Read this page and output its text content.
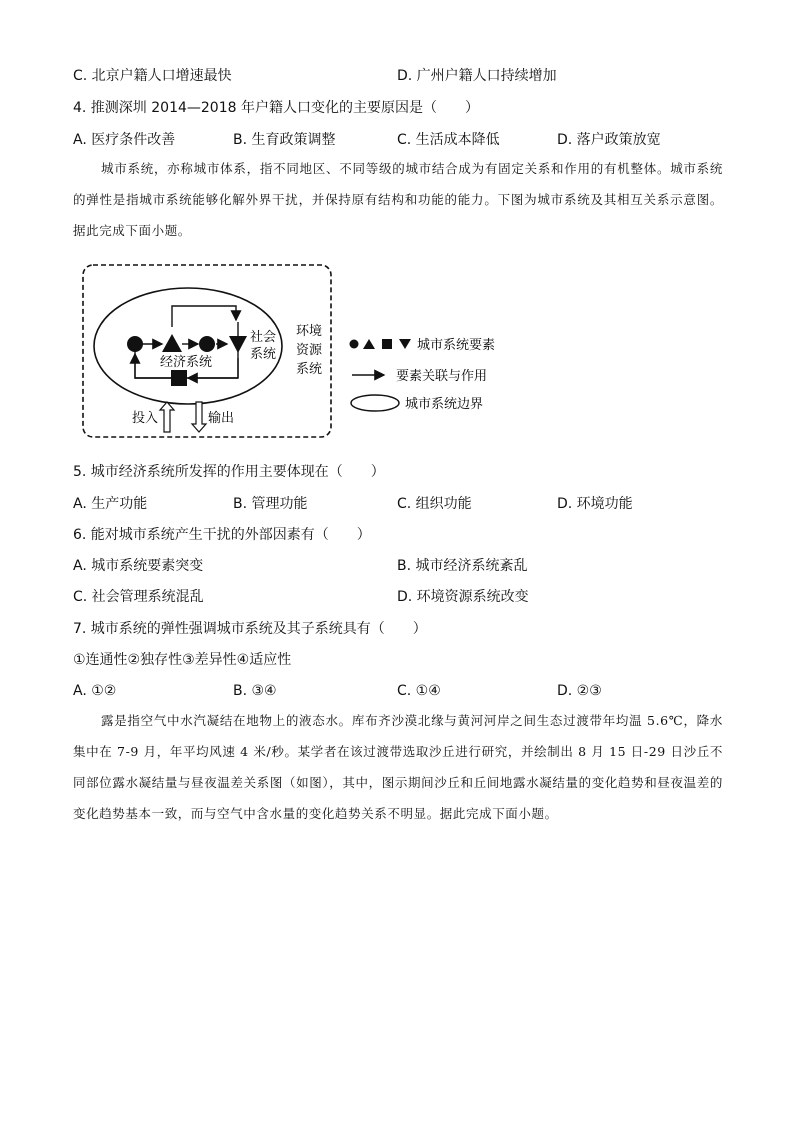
C. 北京户籍人口增速最快	D. 广州户籍人口持续增加
4. 推测深圳 2014—2018 年户籍人口变化的主要原因是（　　）
A. 医疗条件改善	B. 生育政策调整	C. 生活成本降低	D. 落户政策放宽
城市系统，亦称城市体系，指不同地区、不同等级的城市结合成为有固定关系和作用的有机整体。城市系统的弹性是指城市系统能够化解外界干扰，并保持原有结构和功能的能力。下图为城市系统及其相互关系示意图。据此完成下面小题。
经济系统
社会
系统
环境
资源
系统
投入	输出
城市系统要素
要素关联与作用
城市系统边界
5. 城市经济系统所发挥的作用主要体现在（　　）
A. 生产功能	B. 管理功能	C. 组织功能	D. 环境功能
6. 能对城市系统产生干扰的外部因素有（　　）
A. 城市系统要素突变	B. 城市经济系统紊乱
C. 社会管理系统混乱	D. 环境资源系统改变
7. 城市系统的弹性强调城市系统及其子系统具有（　　）
①连通性②独存性③差异性④适应性
A. ①②	B. ③④	C. ①④	D. ②③
露是指空气中水汽凝结在地物上的液态水。库布齐沙漠北缘与黄河河岸之间生态过渡带年均温 5.6℃，降水集中在 7-9 月，年平均风速 4 米/秒。某学者在该过渡带选取沙丘进行研究，并绘制出 8 月 15 日-29 日沙丘不同部位露水凝结量与昼夜温差关系图（如图），其中，图示期间沙丘和丘间地露水凝结量的变化趋势和昼夜温差的变化趋势基本一致，而与空气中含水量的变化趋势关系不明显。据此完成下面小题。
